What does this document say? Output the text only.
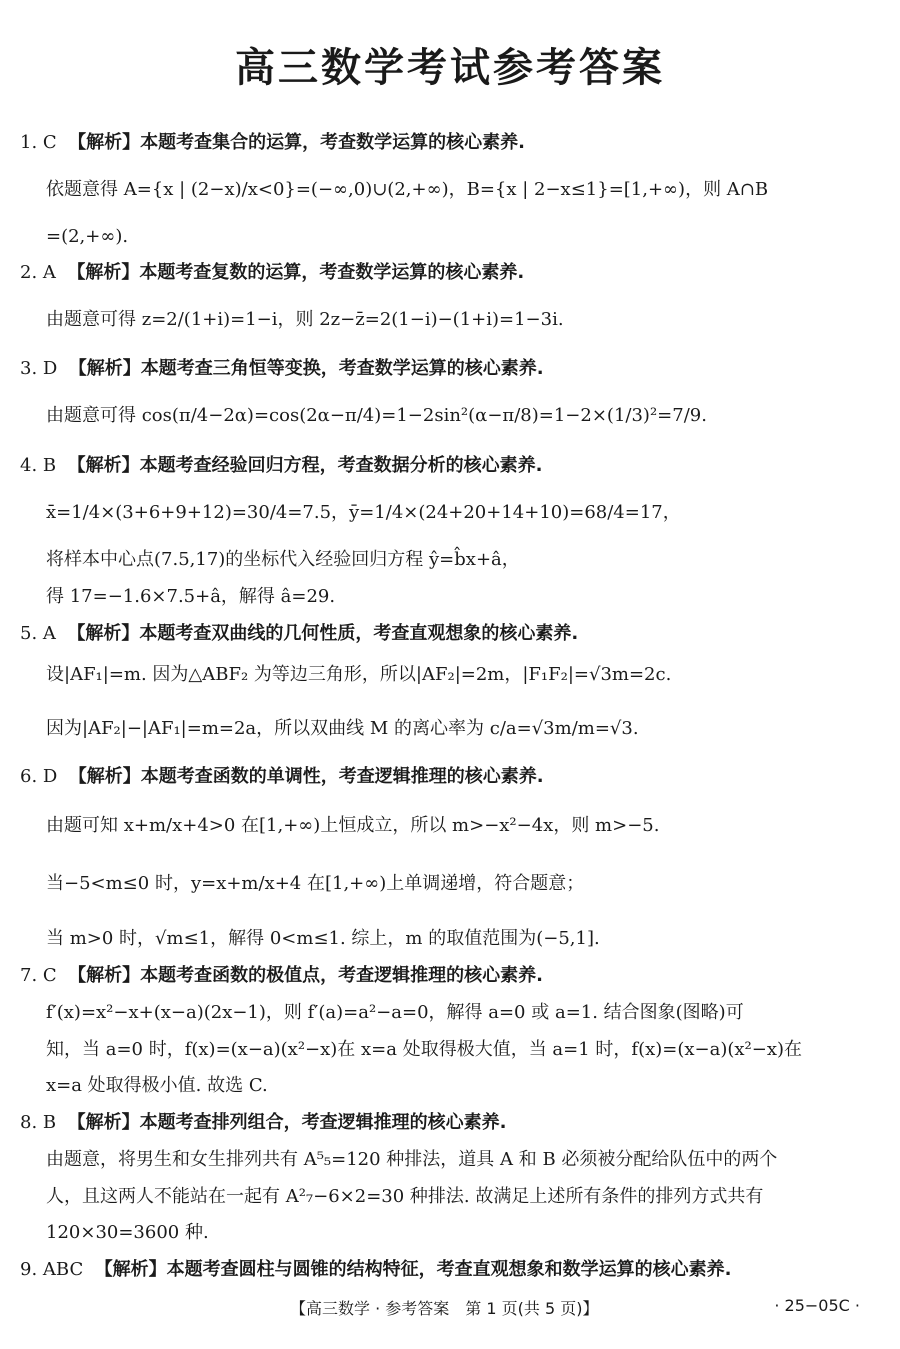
高三数学考试参考答案
1. C 【解析】本题考查集合的运算，考查数学运算的核心素养.
依题意得 A={x | (2−x)/x<0}=(−∞,0)∪(2,+∞)，B={x | 2−x≤1}=[1,+∞)，则 A∩B
=(2,+∞).
2. A 【解析】本题考查复数的运算，考查数学运算的核心素养.
由题意可得 z=2/(1+i)=1−i，则 2z−z̄=2(1−i)−(1+i)=1−3i.
3. D 【解析】本题考查三角恒等变换，考查数学运算的核心素养.
由题意可得 cos(π/4−2α)=cos(2α−π/4)=1−2sin²(α−π/8)=1−2×(1/3)²=7/9.
4. B 【解析】本题考查经验回归方程，考查数据分析的核心素养.
x̄=1/4×(3+6+9+12)=30/4=7.5，ȳ=1/4×(24+20+14+10)=68/4=17，
将样本中心点(7.5,17)的坐标代入经验回归方程 ŷ=b̂x+â，
得 17=−1.6×7.5+â，解得 â=29.
5. A 【解析】本题考查双曲线的几何性质，考查直观想象的核心素养.
设|AF₁|=m. 因为△ABF₂ 为等边三角形，所以|AF₂|=2m，|F₁F₂|=√3m=2c.
因为|AF₂|−|AF₁|=m=2a，所以双曲线 M 的离心率为 c/a=√3m/m=√3.
6. D 【解析】本题考查函数的单调性，考查逻辑推理的核心素养.
由题可知 x+m/x+4>0 在[1,+∞)上恒成立，所以 m>−x²−4x，则 m>−5.
当−5<m≤0 时，y=x+m/x+4 在[1,+∞)上单调递增，符合题意；
当 m>0 时，√m≤1，解得 0<m≤1. 综上，m 的取值范围为(−5,1].
7. C 【解析】本题考查函数的极值点，考查逻辑推理的核心素养.
f′(x)=x²−x+(x−a)(2x−1)，则 f′(a)=a²−a=0，解得 a=0 或 a=1. 结合图象(图略)可
知，当 a=0 时，f(x)=(x−a)(x²−x)在 x=a 处取得极大值，当 a=1 时，f(x)=(x−a)(x²−x)在
x=a 处取得极小值. 故选 C.
8. B 【解析】本题考查排列组合，考查逻辑推理的核心素养.
由题意，将男生和女生排列共有 A⁵₅=120 种排法，道具 A 和 B 必须被分配给队伍中的两个
人，且这两人不能站在一起有 A²₇−6×2=30 种排法. 故满足上述所有条件的排列方式共有
120×30=3600 种.
9. ABC 【解析】本题考查圆柱与圆锥的结构特征，考查直观想象和数学运算的核心素养.
【高三数学 · 参考答案　第 1 页(共 5 页)】	· 25−05C ·
